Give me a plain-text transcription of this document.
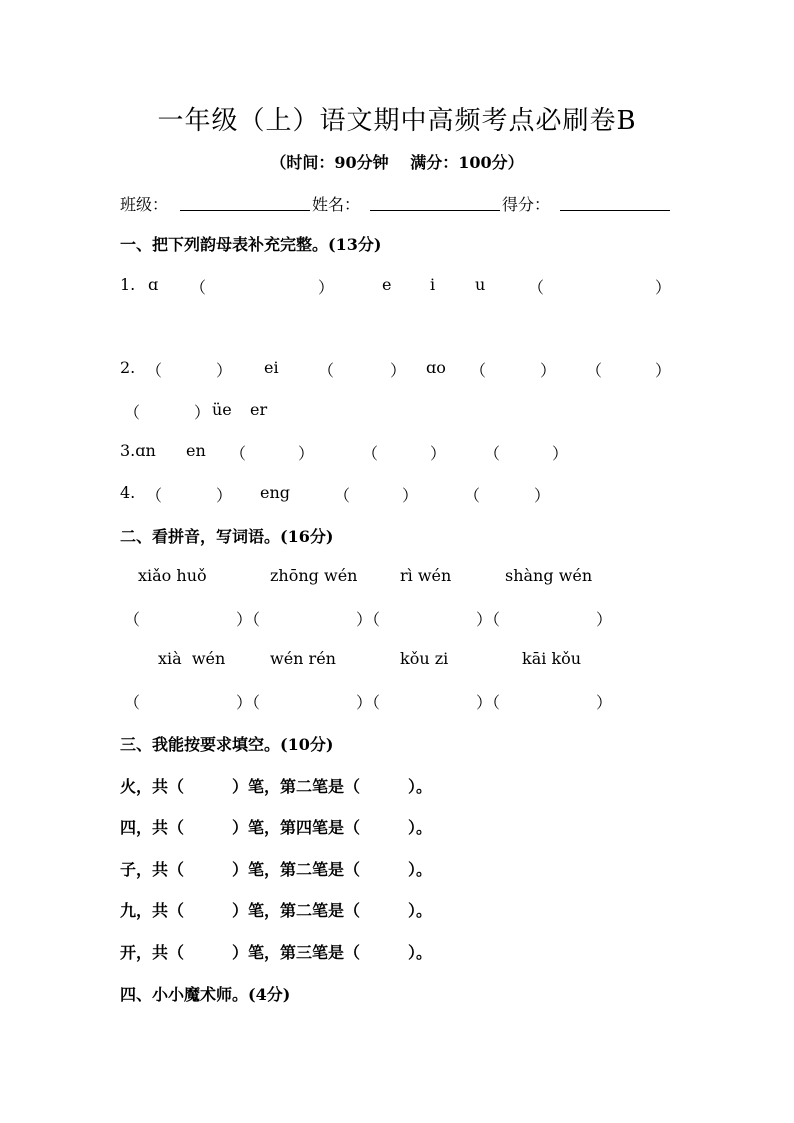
一年级（上）语文期中高频考点必刷卷B
（时间：90分钟　 满分：100分）
班级：	姓名：	得分：
一、把下列韵母表补充完整。(13分)
1. ɑ （	）	e i u	（	）
2. （	） ei （	） ɑo （	） （	）
（	） üe er
3.ɑn en （	）	（	） （	）
4. （	） eng	（	）	（	）
二、看拼音，写词语。(16分)
xiǎo huǒ	zhōng wén	rì wén	shàng wén
（　　　　　　）（　　　　　　）（　　　　　　）（　　　　　　）
xià  wén	wén rén	kǒu zi	kāi kǒu
（　　　　　　）（　　　　　　）（　　　　　　）（　　　　　　）
三、我能按要求填空。(10分)
火，共（　　　）笔，第二笔是（　　　）。
四，共（　　　）笔，第四笔是（　　　）。
子，共（　　　）笔，第二笔是（　　　）。
九，共（　　　）笔，第二笔是（　　　）。
开，共（　　　）笔，第三笔是（　　　）。
四、小小魔术师。(4分)
